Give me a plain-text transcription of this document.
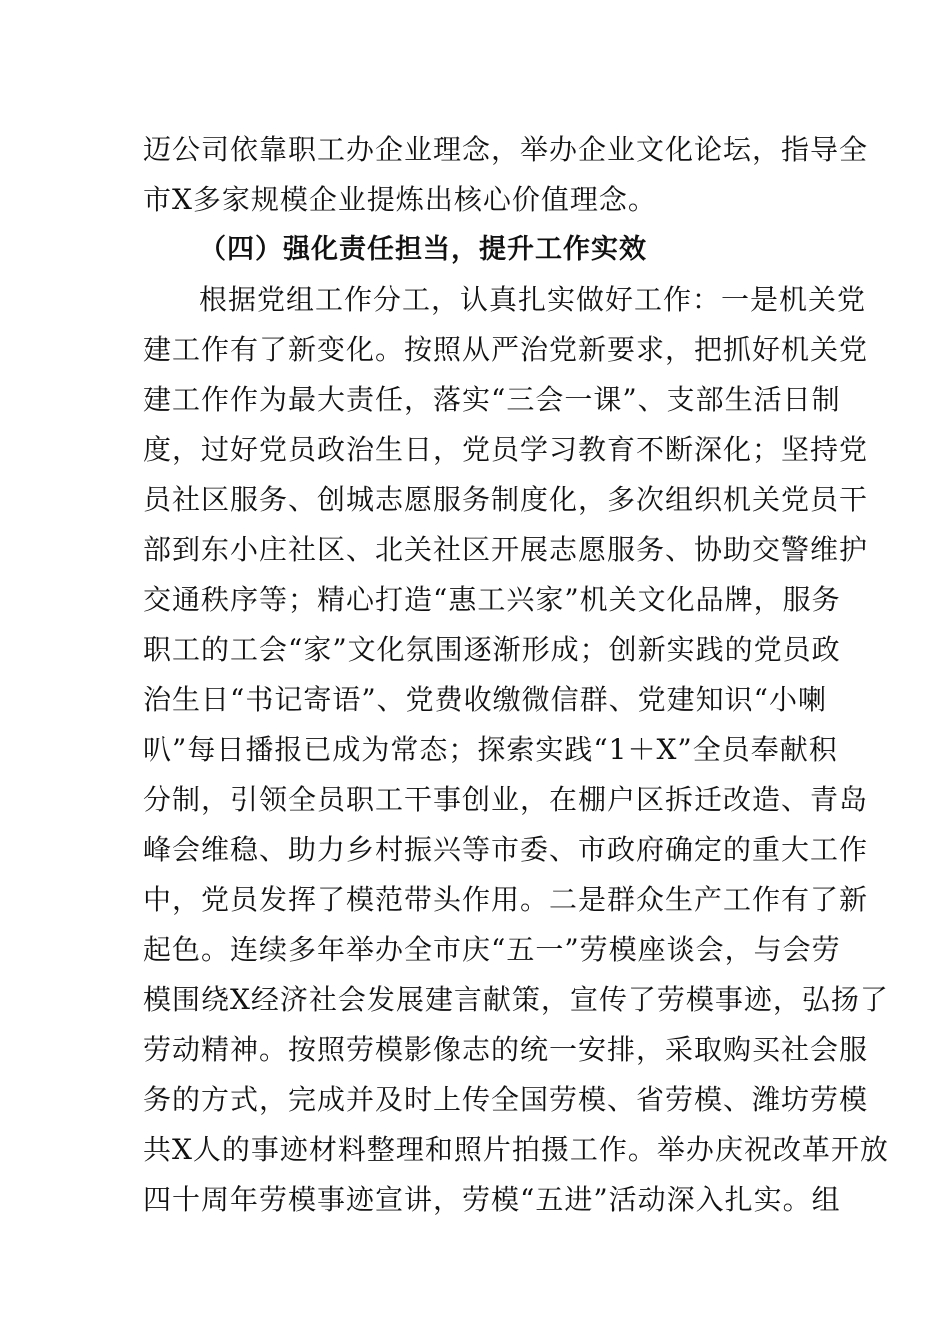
迈公司依靠职工办企业理念，举办企业文化论坛，指导全
市X多家规模企业提炼出核心价值理念。
（四）强化责任担当，提升工作实效
根据党组工作分工，认真扎实做好工作：一是机关党
建工作有了新变化。按照从严治党新要求，把抓好机关党
建工作作为最大责任，落实“三会一课”、支部生活日制
度，过好党员政治生日，党员学习教育不断深化；坚持党
员社区服务、创城志愿服务制度化，多次组织机关党员干
部到东小庄社区、北关社区开展志愿服务、协助交警维护
交通秩序等；精心打造“惠工兴家”机关文化品牌，服务
职工的工会“家”文化氛围逐渐形成；创新实践的党员政
治生日“书记寄语”、党费收缴微信群、党建知识“小喇
叭”每日播报已成为常态；探索实践“1＋X”全员奉献积
分制，引领全员职工干事创业，在棚户区拆迁改造、青岛
峰会维稳、助力乡村振兴等市委、市政府确定的重大工作
中，党员发挥了模范带头作用。二是群众生产工作有了新
起色。连续多年举办全市庆“五一”劳模座谈会，与会劳
模围绕X经济社会发展建言献策，宣传了劳模事迹，弘扬了
劳动精神。按照劳模影像志的统一安排，采取购买社会服
务的方式，完成并及时上传全国劳模、省劳模、潍坊劳模
共X人的事迹材料整理和照片拍摄工作。举办庆祝改革开放
四十周年劳模事迹宣讲，劳模“五进”活动深入扎实。组
